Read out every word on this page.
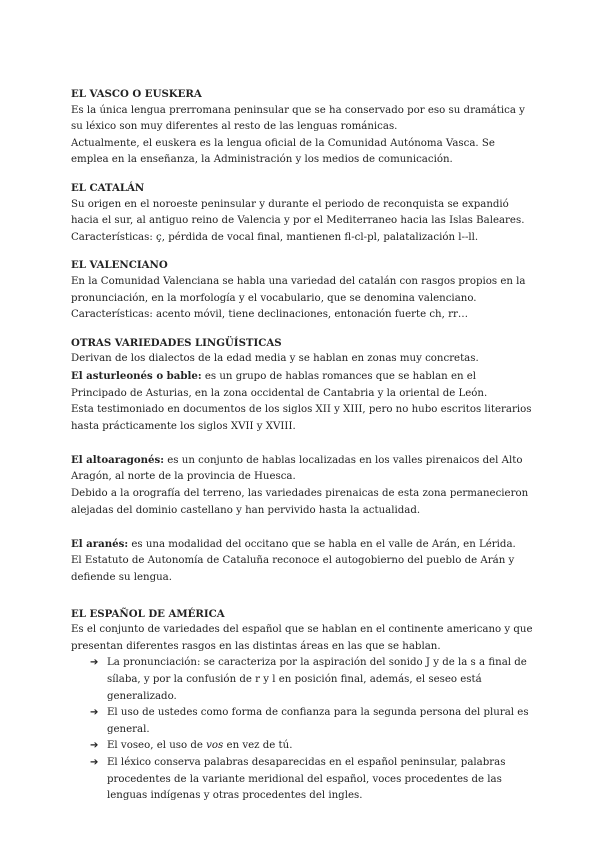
EL VASCO O EUSKERA

Es la única lengua prerromana peninsular que se ha conservado por eso su dramática y su léxico son muy diferentes al resto de las lenguas románicas.

Actualmente, el euskera es la lengua oficial de la Comunidad Autónoma Vasca. Se emplea en la enseñanza, la Administración y los medios de comunicación.

EL CATALÁN

Su origen en el noroeste peninsular y durante el periodo de reconquista se expandió hacia el sur, al antiguo reino de Valencia y por el Mediterraneo hacia las Islas Baleares.

Características: ç, pérdida de vocal final, mantienen fl-cl-pl, palatalización l--ll.

EL VALENCIANO

En la Comunidad Valenciana se habla una variedad del catalán con rasgos propios en la pronunciación, en la morfología y el vocabulario, que se denomina valenciano.

Características: acento móvil, tiene declinaciones, entonación fuerte ch, rr…

OTRAS VARIEDADES LINGÜÍSTICAS

Derivan de los dialectos de la edad media y se hablan en zonas muy concretas.

El asturleonés o bable: es un grupo de hablas romances que se hablan en el Principado de Asturias, en la zona occidental de Cantabria y la oriental de León.

Esta testimoniado en documentos de los siglos XII y XIII, pero no hubo escritos literarios hasta prácticamente los siglos XVII y XVIII.

El altoaragonés: es un conjunto de hablas localizadas en los valles pirenaicos del Alto Aragón, al norte de la provincia de Huesca.

Debido a la orografía del terreno, las variedades pirenaicas de esta zona permanecieron alejadas del dominio castellano y han pervivido hasta la actualidad.

El aranés: es una modalidad del occitano que se habla en el valle de Arán, en Lérida.

El Estatuto de Autonomía de Cataluña reconoce el autogobierno del pueblo de Arán y defiende su lengua.

EL ESPAÑOL DE AMÉRICA

Es el conjunto de variedades del español que se hablan en el continente americano y que presentan diferentes rasgos en las distintas áreas en las que se hablan.

➔ La pronunciación: se caracteriza por la aspiración del sonido J y de la s a final de sílaba, y por la confusión de r y l en posición final, además, el seseo está generalizado.
➔ El uso de ustedes como forma de confianza para la segunda persona del plural es general.
➔ El voseo, el uso de vos en vez de tú.
➔ El léxico conserva palabras desaparecidas en el español peninsular, palabras procedentes de la variante meridional del español, voces procedentes de las lenguas indígenas y otras procedentes del ingles.
